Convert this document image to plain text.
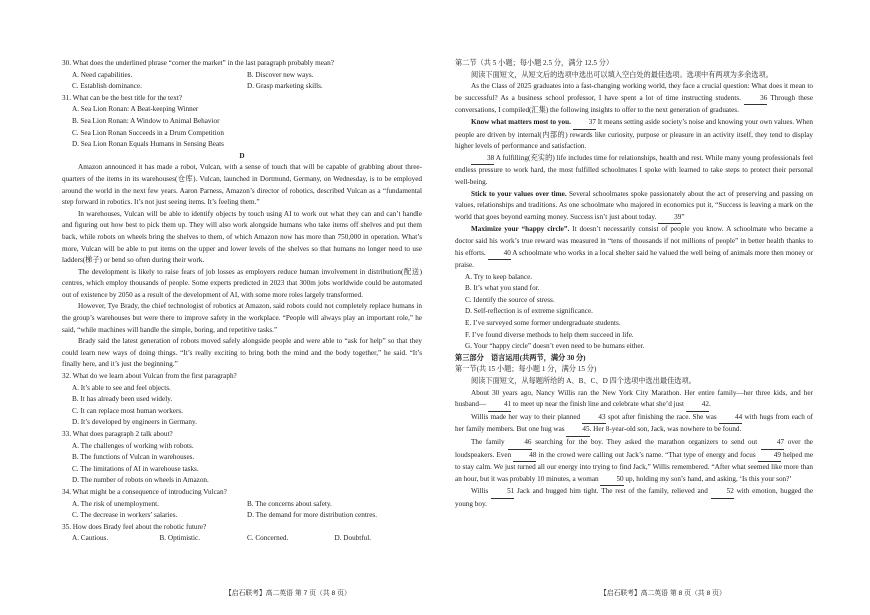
30. What does the underlined phrase “corner the market” in the last paragraph probably mean?

A. Need capabilities.	B. Discover new ways.
C. Establish dominance.	D. Grasp marketing skills.

31. What can be the best title for the text?

A. Sea Lion Ronan: A Beat-keeping Winner

B. Sea Lion Ronan: A Window to Animal Behavior

C. Sea Lion Ronan Succeeds in a Drum Competition

D. Sea Lion Ronan Equals Humans in Sensing Beats

D

Amazon announced it has made a robot, Vulcan, with a sense of touch that will be capable of grabbing about three-quarters of the items in its warehouses(仓库). Vulcan, launched in Dortmund, Germany, on Wednesday, is to be employed around the world in the next few years. Aaron Parness, Amazon’s director of robotics, described Vulcan as a “fundamental step forward in robotics. It’s not just seeing items. It’s feeling them.”

In warehouses, Vulcan will be able to identify objects by touch using AI to work out what they can and can’t handle and figuring out how best to pick them up. They will also work alongside humans who take items off shelves and put them back, while robots on wheels bring the shelves to them, of which Amazon now has more than 750,000 in operation. What’s more, Vulcan will be able to put items on the upper and lower levels of the shelves so that humans no longer need to use ladders(梯子) or bend so often during their work.

The development is likely to raise fears of job losses as employers reduce human involvement in distribution(配送) centres, which employ thousands of people. Some experts predicted in 2023 that 300m jobs worldwide could be automated out of existence by 2050 as a result of the development of AI, with some more roles largely transformed.

However, Tye Brady, the chief technologist of robotics at Amazon, said robots could not completely replace humans in the group’s warehouses but were there to improve safety in the workplace. “People will always play an important role,” he said, “while machines will handle the simple, boring, and repetitive tasks.”

Brady said the latest generation of robots moved safely alongside people and were able to “ask for help” so that they could learn new ways of doing things. “It’s really exciting to bring both the mind and the body together,” he said. “It’s finally here, and it’s just the beginning.”

32. What do we learn about Vulcan from the first paragraph?

A. It’s able to see and feel objects.

B. It has already been used widely.

C. It can replace most human workers.

D. It’s developed by engineers in Germany.

33. What does paragraph 2 talk about?

A. The challenges of working with robots.

B. The functions of Vulcan in warehouses.

C. The limitations of AI in warehouse tasks.

D. The number of robots on wheels in Amazon.

34. What might be a consequence of introducing Vulcan?

A. The risk of unemployment.	B. The concerns about safety.
C. The decrease in workers’ salaries.	D. The demand for more distribution centres.

35. How does Brady feel about the robotic future?

A. Cautious.	B. Optimistic.	C. Concerned.	D. Doubtful.

第二节（共 5 小题；每小题 2.5 分，满分 12.5 分）

阅读下面短文，从短文后的选项中选出可以填入空白处的最佳选项。选项中有两项为多余选项。

As the Class of 2025 graduates into a fast-changing working world, they face a crucial question: What does it mean to be successful? As a business school professor, I have spent a lot of time instructing students.	36 Through these conversations, I compiled(汇集) the following insights to offer to the next generation of graduates.

Know what matters most to you. 37 It means setting aside society’s noise and knowing your own values. When people are driven by internal(内部的) rewards like curiosity, purpose or pleasure in an activity itself, they tend to display higher levels of performance and satisfaction.

38 A fulfilling(充实的) life includes time for relationships, health and rest. While many young professionals feel endless pressure to work hard, the most fulfilled schoolmates I spoke with learned to take steps to protect their personal well-being.

Stick to your values over time. Several schoolmates spoke passionately about the act of preserving and passing on values, relationships and traditions. As one schoolmate who majored in economics put it, “Success is leaving a mark on the world that goes beyond earning money. Success isn’t just about today. 39”

Maximize your “happy circle”. It doesn’t necessarily consist of people you know. A schoolmate who became a doctor said his work’s true reward was measured in “tens of thousands if not millions of people” in better health thanks to his efforts. 40 A schoolmate who works in a local shelter said he valued the well being of animals more then money or praise.

A. Try to keep balance.

B. It’s what you stand for.

C. Identify the source of stress.

D. Self-reflection is of extreme significance.

E. I’ve surveyed some former undergraduate students.

F. I’ve found diverse methods to help them succeed in life.

G. Your “happy circle” doesn’t even need to be humans either.

第三部分　语言运用(共两节，满分 30 分)

第一节(共 15 小题；每小题 1 分，满分 15 分)

阅读下面短文，从每题所给的 A、B、C、D 四个选项中选出最佳选项。

About 30 years ago, Nancy Willis ran the New York City Marathon. Her entire family—her three kids, and her husband— 41 to meet up near the finish line and celebrate what she’d just 42.

Willis made her way to their planned	43 spot after finishing the race. She was	44 with hugs from each of her family members. But one hug was 45. Her 8-year-old son, Jack, was nowhere to be found.

The family	46 searching for the boy. They asked the marathon organizers to send out	47 over the loudspeakers. Even	48 in the crowd were calling out Jack’s name. “That type of energy and focus	49 helped me to stay calm. We just turned all our energy into trying to find Jack,” Willis remembered. “After what seemed like more than an hour, but it was probably 10 minutes, a woman 50 up, holding my son’s hand, and asking, ‘Is this your son?’

Willis	51 Jack and hugged him tight. The rest of the family, relieved and	52 with emotion, hugged the young boy.

【启石联考】高二英语 第 7 页（共 8 页）	【启石联考】高二英语 第 8 页（共 8 页）
